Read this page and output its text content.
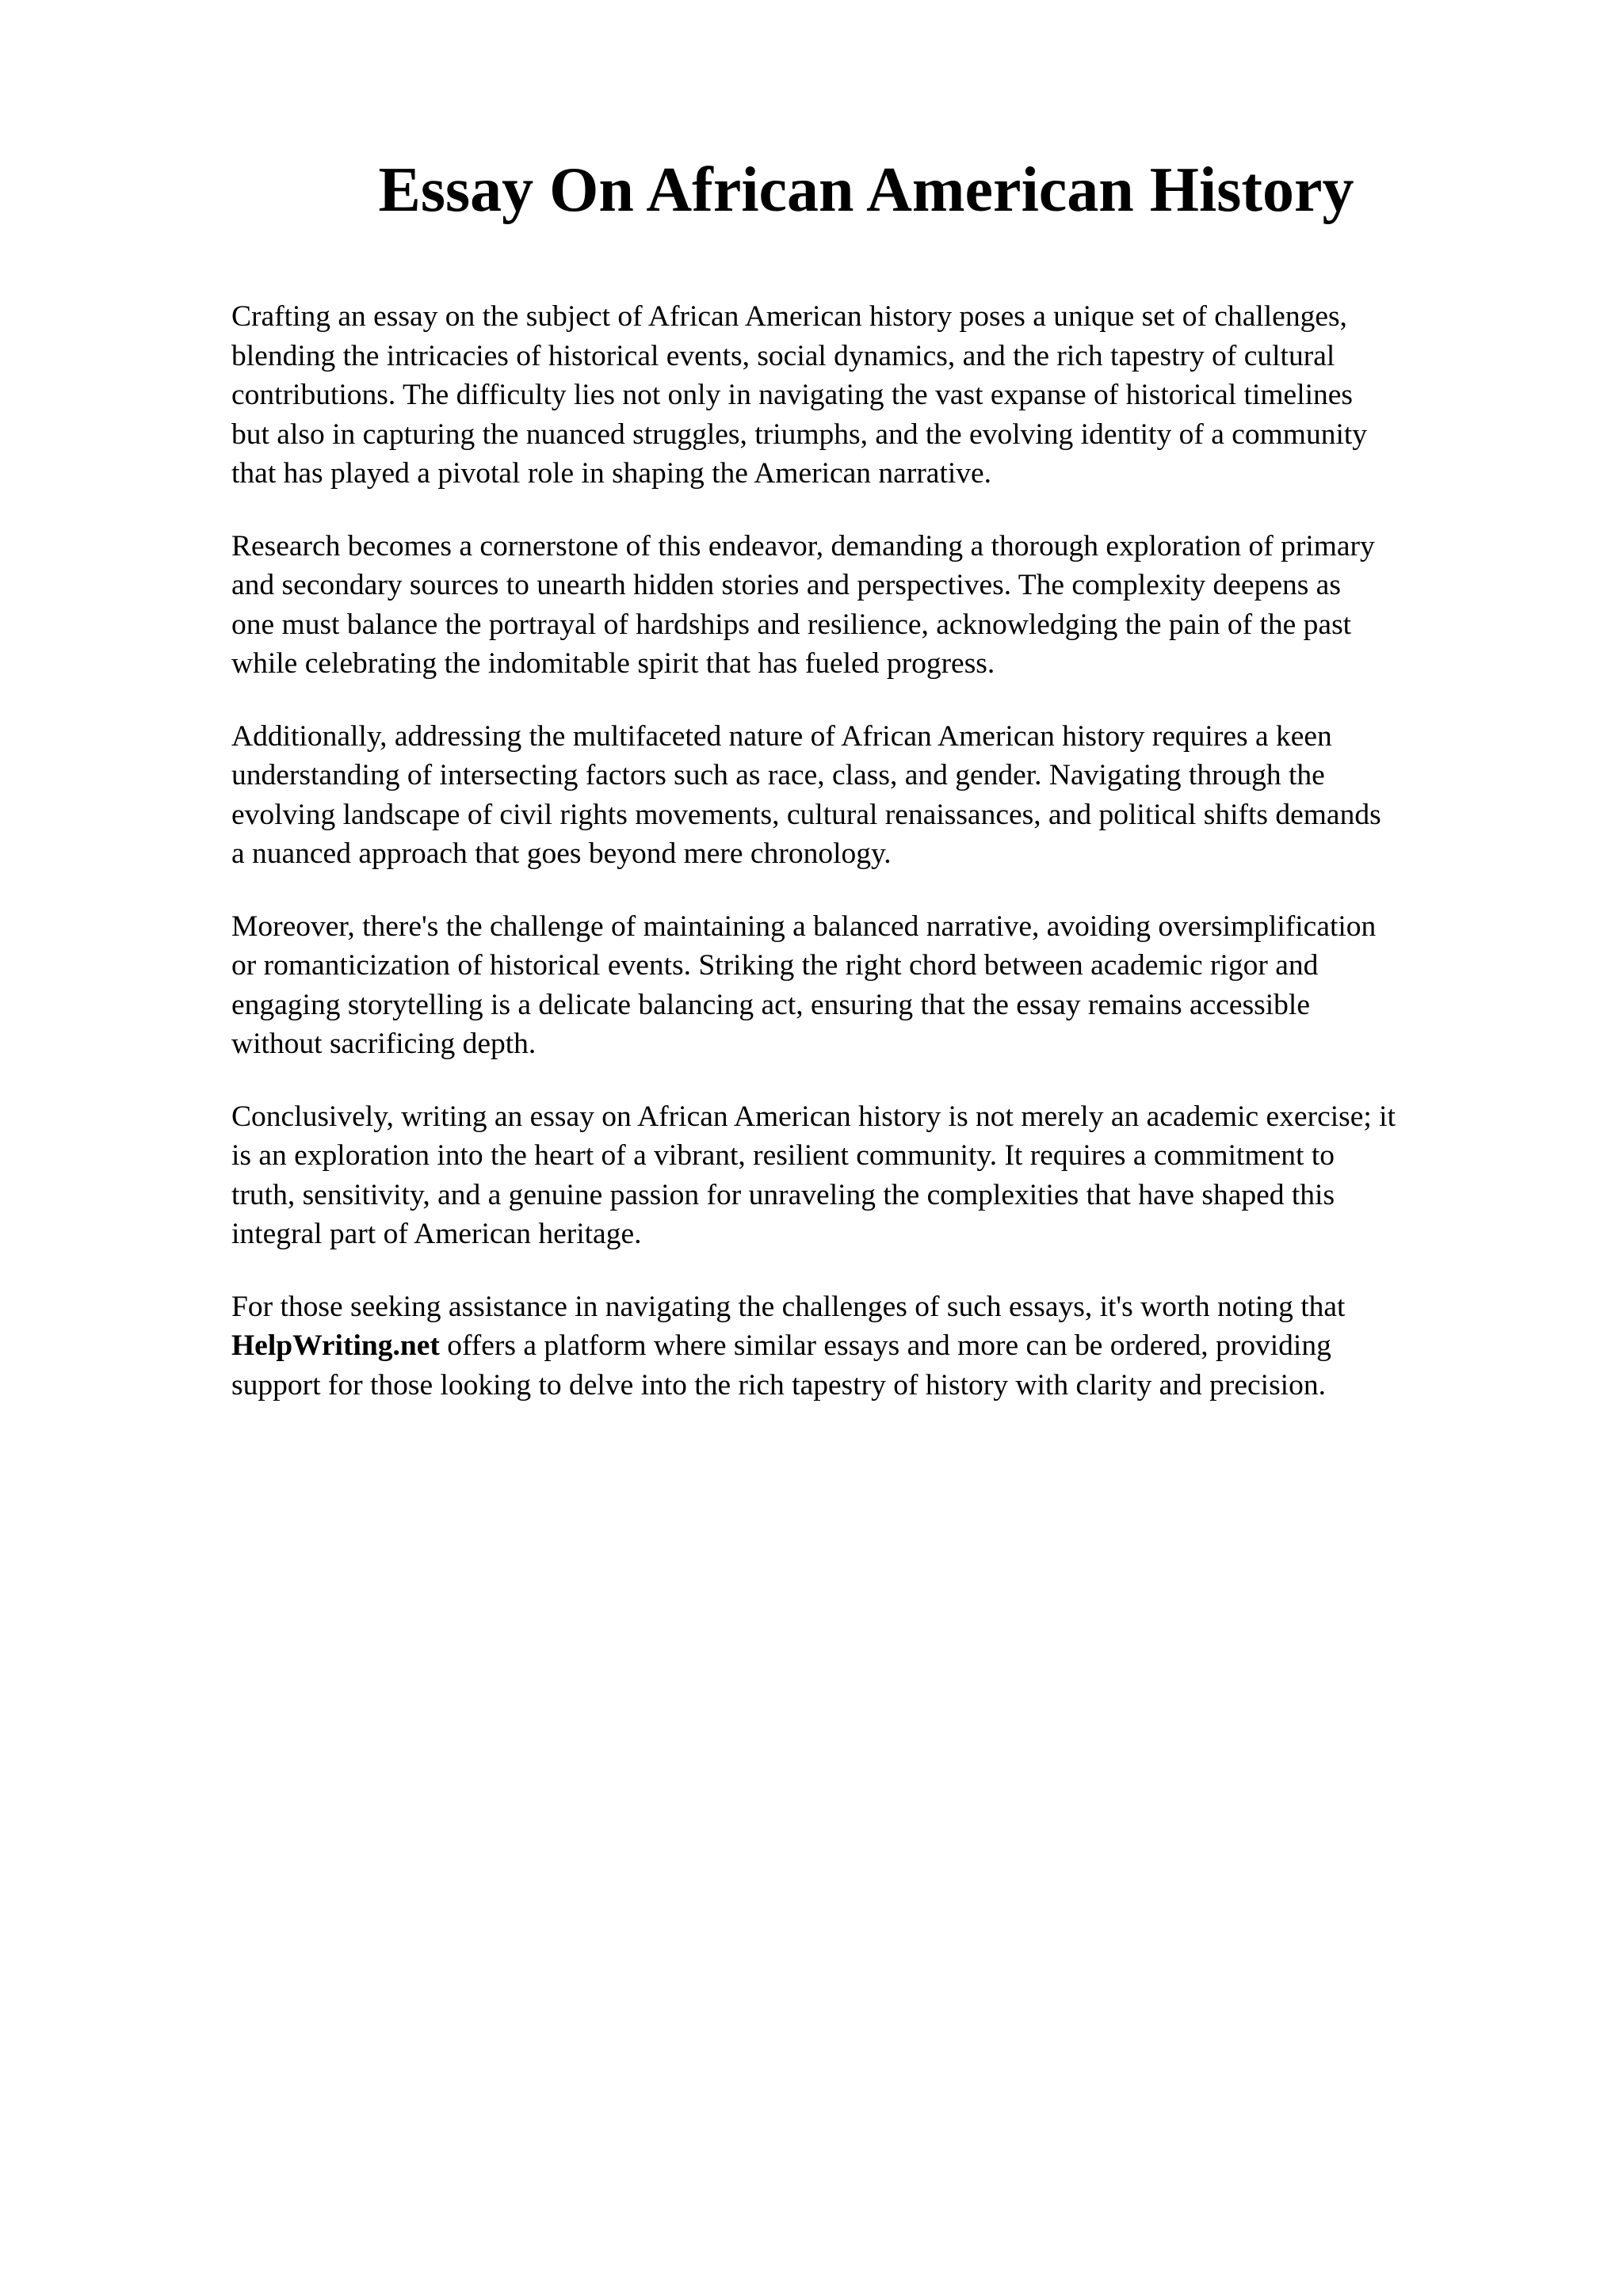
Essay On African American History

Crafting an essay on the subject of African American history poses a unique set of challenges,
blending the intricacies of historical events, social dynamics, and the rich tapestry of cultural
contributions. The difficulty lies not only in navigating the vast expanse of historical timelines
but also in capturing the nuanced struggles, triumphs, and the evolving identity of a community
that has played a pivotal role in shaping the American narrative.

Research becomes a cornerstone of this endeavor, demanding a thorough exploration of primary
and secondary sources to unearth hidden stories and perspectives. The complexity deepens as
one must balance the portrayal of hardships and resilience, acknowledging the pain of the past
while celebrating the indomitable spirit that has fueled progress.

Additionally, addressing the multifaceted nature of African American history requires a keen
understanding of intersecting factors such as race, class, and gender. Navigating through the
evolving landscape of civil rights movements, cultural renaissances, and political shifts demands
a nuanced approach that goes beyond mere chronology.

Moreover, there's the challenge of maintaining a balanced narrative, avoiding oversimplification
or romanticization of historical events. Striking the right chord between academic rigor and
engaging storytelling is a delicate balancing act, ensuring that the essay remains accessible
without sacrificing depth.

Conclusively, writing an essay on African American history is not merely an academic exercise; it
is an exploration into the heart of a vibrant, resilient community. It requires a commitment to
truth, sensitivity, and a genuine passion for unraveling the complexities that have shaped this
integral part of American heritage.

For those seeking assistance in navigating the challenges of such essays, it's worth noting that
HelpWriting.net offers a platform where similar essays and more can be ordered, providing
support for those looking to delve into the rich tapestry of history with clarity and precision.
